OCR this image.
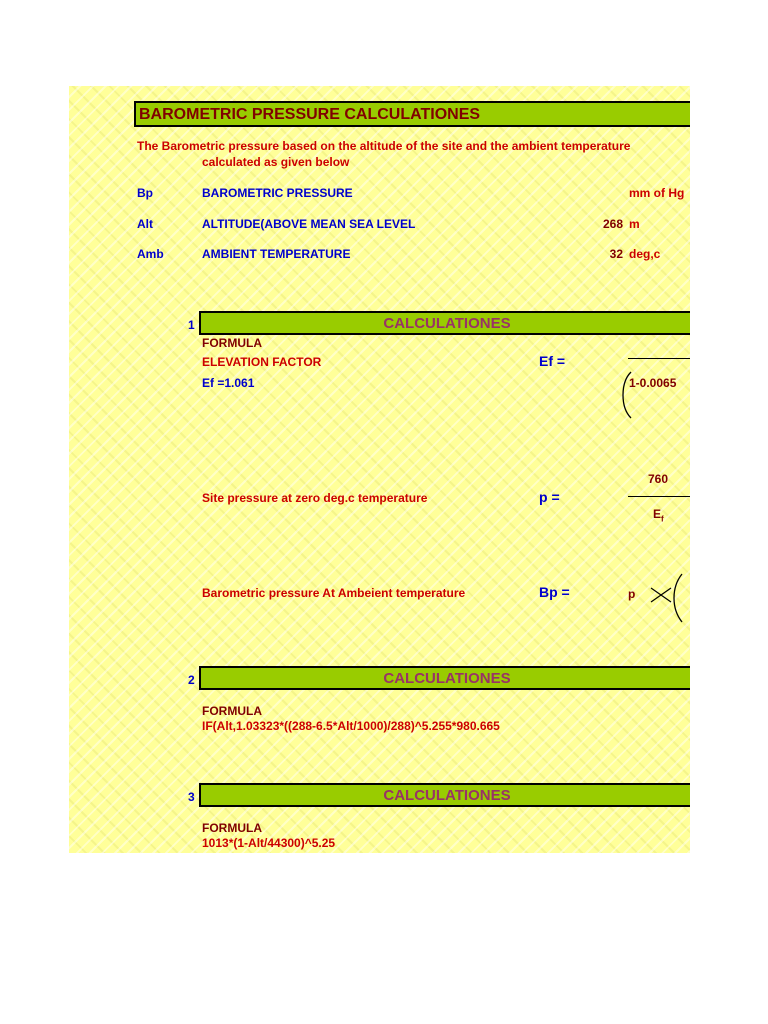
BAROMETRIC PRESSURE CALCULATIONES
The Barometric pressure based on the altitude of the site and the ambient temperature
calculated as given below
Bp	BAROMETRIC PRESSURE	mm of Hg
Alt	ALTITUDE(ABOVE MEAN SEA LEVEL	268 m
Amb	AMBIENT TEMPERATURE	32 deg,c
1	CALCULATIONES
FORMULA
ELEVATION FACTOR	Ef =
Ef =1.061	1-0.0065
760
Site pressure at zero deg.c temperature	p =
$E_f$
Barometric pressure At Ambeient temperature	Bp =	p
2	CALCULATIONES
FORMULA
IF(Alt,1.03323*((288-6.5*Alt/1000)/288)^5.255*980.665
3	CALCULATIONES
FORMULA
1013*(1-Alt/44300)^5.25
